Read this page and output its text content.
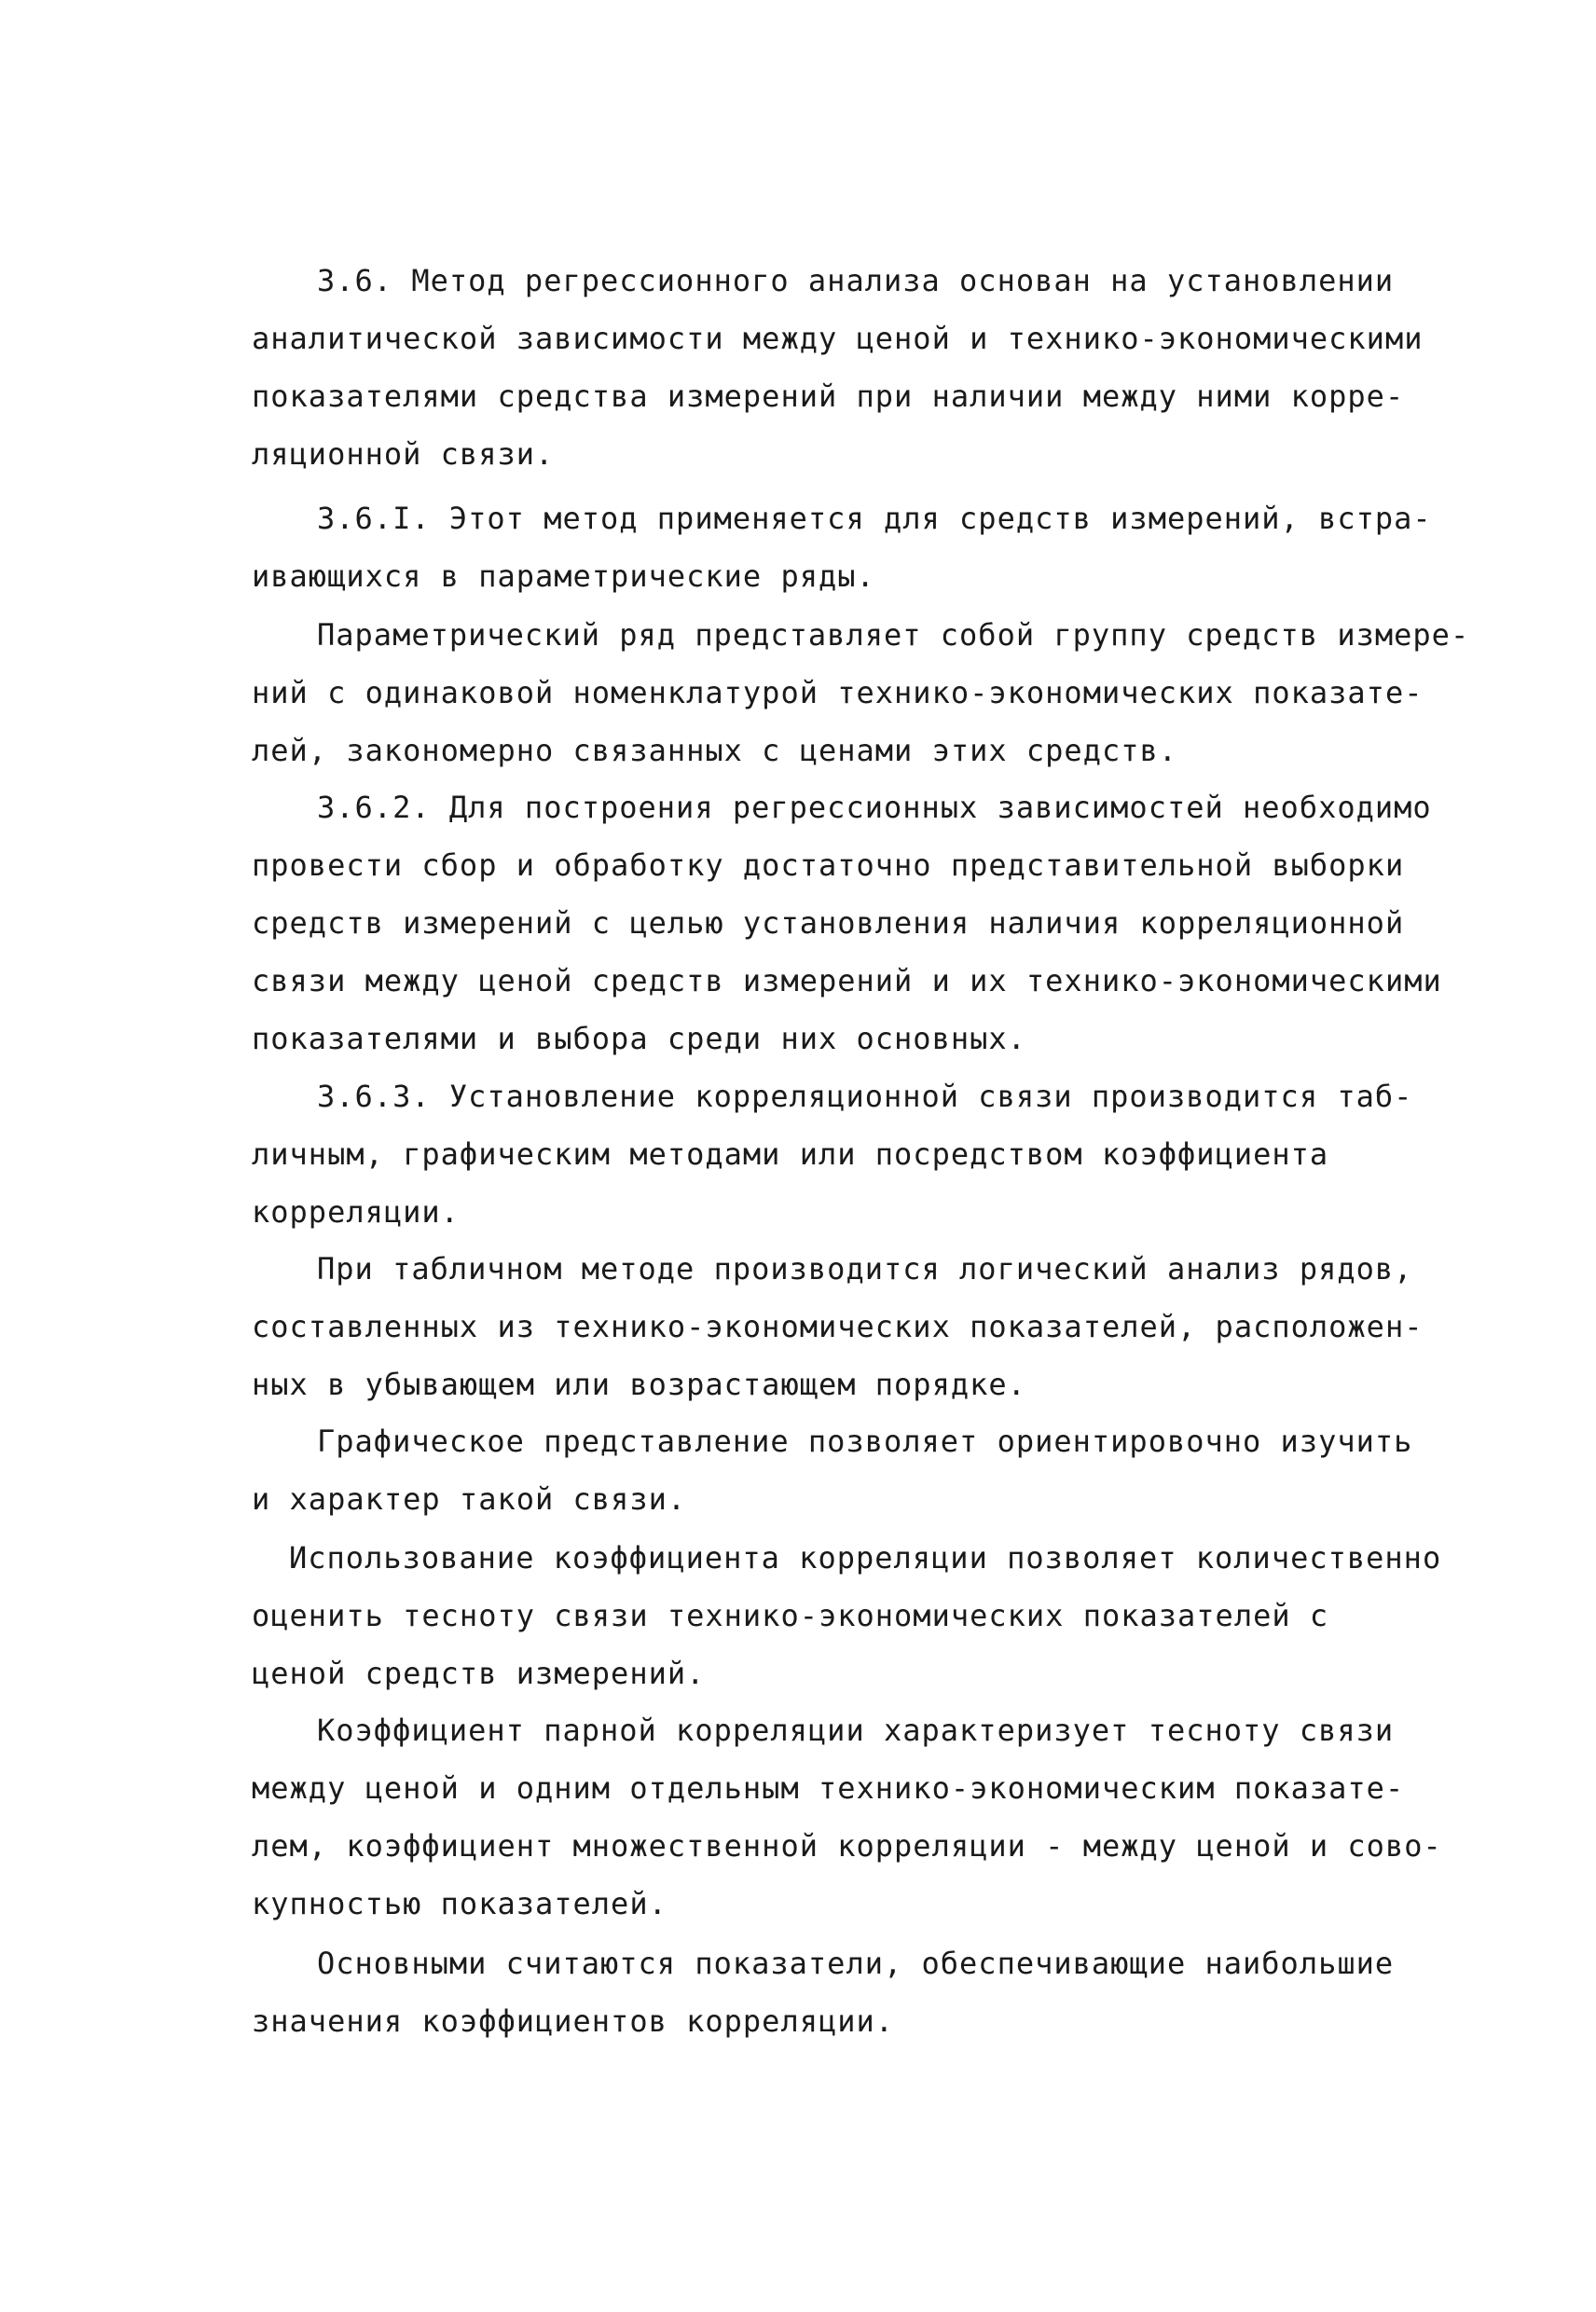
3.6. Метод регрессионного анализа основан на установлении
аналитической зависимости между ценой и технико-экономическими
показателями средства измерений при наличии между ними корре-
ляционной связи.
3.6.I. Этот метод применяется для средств измерений, встра-
ивающихся в параметрические ряды.
Параметрический ряд представляет собой группу средств измере-
ний с одинаковой номенклатурой технико-экономических показате-
лей, закономерно связанных с ценами этих средств.
3.6.2. Для построения регрессионных зависимостей необходимо
провести сбор и обработку достаточно представительной выборки
средств измерений с целью установления наличия корреляционной
связи между ценой средств измерений и их технико-экономическими
показателями и выбора среди них основных.
3.6.3. Установление корреляционной связи производится таб-
личным, графическим методами или посредством коэффициента
корреляции.
При табличном методе производится логический анализ рядов,
составленных из технико-экономических показателей, расположен-
ных в убывающем или возрастающем порядке.
Графическое представление позволяет ориентировочно изучить
и характер такой связи.
Использование коэффициента корреляции позволяет количественно
оценить тесноту связи технико-экономических показателей с
ценой средств измерений.
Коэффициент парной корреляции характеризует тесноту связи
между ценой и одним отдельным технико-экономическим показате-
лем, коэффициент множественной корреляции - между ценой и сово-
купностью показателей.
Основными считаются показатели, обеспечивающие наибольшие
значения коэффициентов корреляции.
